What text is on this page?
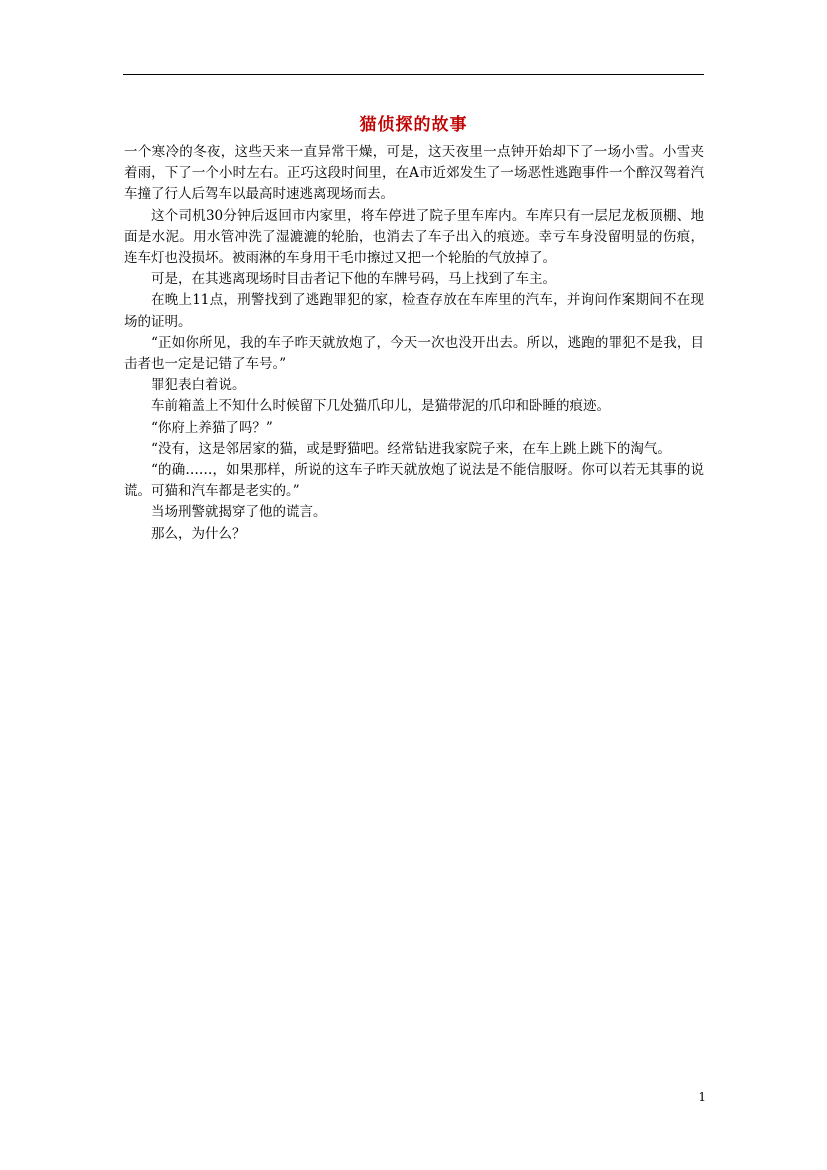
猫侦探的故事

一个寒冷的冬夜，这些天来一直异常干燥，可是，这天夜里一点钟开始却下了一场小雪。小雪夹着雨，下了一个小时左右。正巧这段时间里，在A市近郊发生了一场恶性逃跑事件一个醉汉驾着汽车撞了行人后驾车以最高时速逃离现场而去。

这个司机30分钟后返回市内家里，将车停进了院子里车库内。车库只有一层尼龙板顶棚、地面是水泥。用水管冲洗了湿漉漉的轮胎，也消去了车子出入的痕迹。幸亏车身没留明显的伤痕，连车灯也没损坏。被雨淋的车身用干毛巾擦过又把一个轮胎的气放掉了。

可是，在其逃离现场时目击者记下他的车牌号码，马上找到了车主。

在晚上11点，刑警找到了逃跑罪犯的家，检查存放在车库里的汽车，并询问作案期间不在现场的证明。

“正如你所见，我的车子昨天就放炮了，今天一次也没开出去。所以，逃跑的罪犯不是我，目击者也一定是记错了车号。”

罪犯表白着说。

车前箱盖上不知什么时候留下几处猫爪印儿，是猫带泥的爪印和卧睡的痕迹。

“你府上养猫了吗？”

“没有，这是邻居家的猫，或是野猫吧。经常钻进我家院子来，在车上跳上跳下的淘气。

“的确……，如果那样，所说的这车子昨天就放炮了说法是不能信服呀。你可以若无其事的说谎。可猫和汽车都是老实的。”

当场刑警就揭穿了他的谎言。

那么，为什么？

1
